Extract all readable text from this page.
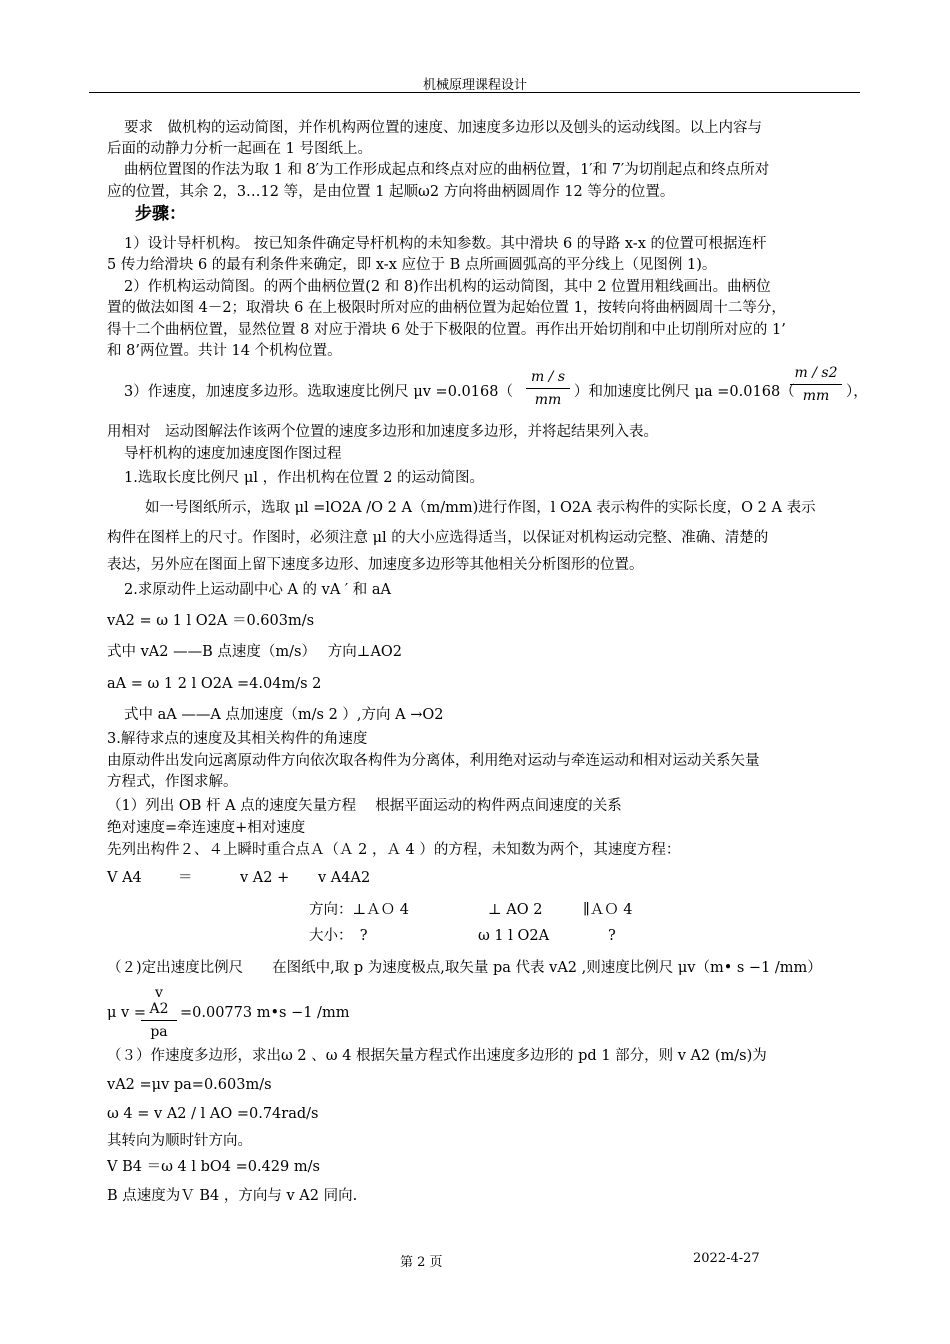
机械原理课程设计
要求　做机构的运动简图，并作机构两位置的速度、加速度多边形以及刨头的运动线图。以上内容与
后面的动静力分析一起画在 1 号图纸上。
曲柄位置图的作法为取 1 和 8′为工作形成起点和终点对应的曲柄位置，1′和 7′为切削起点和终点所对
应的位置，其余 2，3…12 等，是由位置 1 起顺ω2 方向将曲柄圆周作 12 等分的位置。
步骤：
1）设计导杆机构。 按已知条件确定导杆机构的未知参数。其中滑块 6 的导路 x-x 的位置可根据连杆
5 传力给滑块 6 的最有利条件来确定，即 x-x 应位于 B 点所画圆弧高的平分线上（见图例 1)。
2）作机构运动简图。的两个曲柄位置(2 和 8)作出机构的运动简图，其中 2 位置用粗线画出。曲柄位
置的做法如图 4－2；取滑块 6 在上极限时所对应的曲柄位置为起始位置 1，按转向将曲柄圆周十二等分，
得十二个曲柄位置，显然位置 8 对应于滑块 6 处于下极限的位置。再作出开始切削和中止切削所对应的 1’
和 8’两位置。共计 14 个机构位置。
3）作速度，加速度多边形。选取速度比例尺 $\mu v =0.0168( \frac{m / s}{mm}$ ）和加速度比例尺 μa =0.0168（
$\frac{m / s2}{mm}$ ），
用相对　运动图解法作该两个位置的速度多边形和加速度多边形，并将起结果列入表。
导杆机构的速度加速度图作图过程
1.选取长度比例尺 μl ，作出机构在位置 2 的运动简图。
如一号图纸所示，选取 μl =lO2A /O 2 A（m/mm)进行作图，l O2A 表示构件的实际长度，O 2 A 表示
构件在图样上的尺寸。作图时，必须注意 μl 的大小应选得适当，以保证对机构运动完整、准确、清楚的
表达，另外应在图面上留下速度多边形、加速度多边形等其他相关分析图形的位置。
2.求原动件上运动副中心 A 的 vA ′ 和 aA
vA2 = ω 1 l O2A ＝0.603m/s
式中 vA2 ——B 点速度（m/s）　 方向⊥AO2
aA = ω 1 2 l O2A =4.04m/s 2
式中 aA ——A 点加速度（m/s 2 ）,方向 A →O2
3.解待求点的速度及其相关构件的角速度
由原动件出发向远离原动件方向依次取各构件为分离体，利用绝对运动与牵连运动和相对运动关系矢量
方程式，作图求解。
（1）列出 OB 杆 A 点的速度矢量方程　 根据平面运动的构件两点间速度的关系
绝对速度=牵连速度+相对速度
先列出构件２、４上瞬时重合点Ａ（Ａ 2 ，Ａ 4 ）的方程，未知数为两个，其速度方程：
V A4 ＝	v A2 + v A4A2
方向：⊥ＡＯ 4	⊥ AO 2	∥ＡＯ 4
大小：　?	ω 1 l O2A	?
（２)定出速度比例尺　　在图纸中,取 p 为速度极点,取矢量 pa 代表 vA2 ,则速度比例尺 μv（m• s −1 /mm）
μ v =
$\frac{\text{v A2}}{pa} =0.00773$ m•s −1 /mm
（３）作速度多边形，求出ω 2 、ω 4 根据矢量方程式作出速度多边形的 pd 1 部分，则 v A2 (m/s)为
vA2 =μv pa=0.603m/s
ω 4 = v A2 / l AO =0.74rad/s
其转向为顺时针方向。
V B4 ＝ω 4 l bO4 =0.429 m/s
B 点速度为Ｖ B4 ，方向与 v A2 同向.
第 2 页	2022-4-27
